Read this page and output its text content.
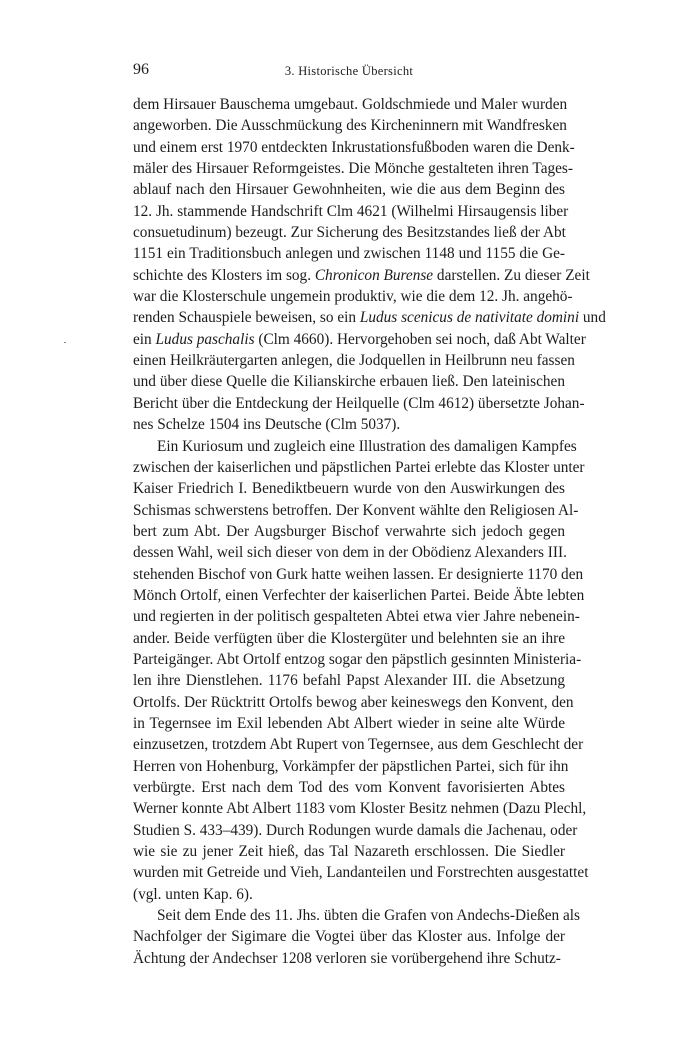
96	3. Historische Übersicht
dem Hirsauer Bauschema umgebaut. Goldschmiede und Maler wurden
angeworben. Die Ausschmückung des Kircheninnern mit Wandfresken
und einem erst 1970 entdeckten Inkrustationsfußboden waren die Denk-
mäler des Hirsauer Reformgeistes. Die Mönche gestalteten ihren Tages-
ablauf nach den Hirsauer Gewohnheiten, wie die aus dem Beginn des
12. Jh. stammende Handschrift Clm 4621 (Wilhelmi Hirsaugensis liber
consuetudinum) bezeugt. Zur Sicherung des Besitzstandes ließ der Abt
1151 ein Traditionsbuch anlegen und zwischen 1148 und 1155 die Ge-
schichte des Klosters im sog. Chronicon Burense darstellen. Zu dieser Zeit
war die Klosterschule ungemein produktiv, wie die dem 12. Jh. angehö-
renden Schauspiele beweisen, so ein Ludus scenicus de nativitate domini und
ein Ludus paschalis (Clm 4660). Hervorgehoben sei noch, daß Abt Walter
einen Heilkräutergarten anlegen, die Jodquellen in Heilbrunn neu fassen
und über diese Quelle die Kilianskirche erbauen ließ. Den lateinischen
Bericht über die Entdeckung der Heilquelle (Clm 4612) übersetzte Johan-
nes Schelze 1504 ins Deutsche (Clm 5037).
Ein Kuriosum und zugleich eine Illustration des damaligen Kampfes
zwischen der kaiserlichen und päpstlichen Partei erlebte das Kloster unter
Kaiser Friedrich I. Benediktbeuern wurde von den Auswirkungen des
Schismas schwerstens betroffen. Der Konvent wählte den Religiosen Al-
bert zum Abt. Der Augsburger Bischof verwahrte sich jedoch gegen
dessen Wahl, weil sich dieser von dem in der Obödienz Alexanders III.
stehenden Bischof von Gurk hatte weihen lassen. Er designierte 1170 den
Mönch Ortolf, einen Verfechter der kaiserlichen Partei. Beide Äbte lebten
und regierten in der politisch gespalteten Abtei etwa vier Jahre nebenein-
ander. Beide verfügten über die Klostergüter und belehnten sie an ihre
Parteigänger. Abt Ortolf entzog sogar den päpstlich gesinnten Ministeria-
len ihre Dienstlehen. 1176 befahl Papst Alexander III. die Absetzung
Ortolfs. Der Rücktritt Ortolfs bewog aber keineswegs den Konvent, den
in Tegernsee im Exil lebenden Abt Albert wieder in seine alte Würde
einzusetzen, trotzdem Abt Rupert von Tegernsee, aus dem Geschlecht der
Herren von Hohenburg, Vorkämpfer der päpstlichen Partei, sich für ihn
verbürgte. Erst nach dem Tod des vom Konvent favorisierten Abtes
Werner konnte Abt Albert 1183 vom Kloster Besitz nehmen (Dazu Plechl,
Studien S. 433–439). Durch Rodungen wurde damals die Jachenau, oder
wie sie zu jener Zeit hieß, das Tal Nazareth erschlossen. Die Siedler
wurden mit Getreide und Vieh, Landanteilen und Forstrechten ausgestattet
(vgl. unten Kap. 6).
Seit dem Ende des 11. Jhs. übten die Grafen von Andechs-Dießen als
Nachfolger der Sigimare die Vogtei über das Kloster aus. Infolge der
Ächtung der Andechser 1208 verloren sie vorübergehend ihre Schutz-
